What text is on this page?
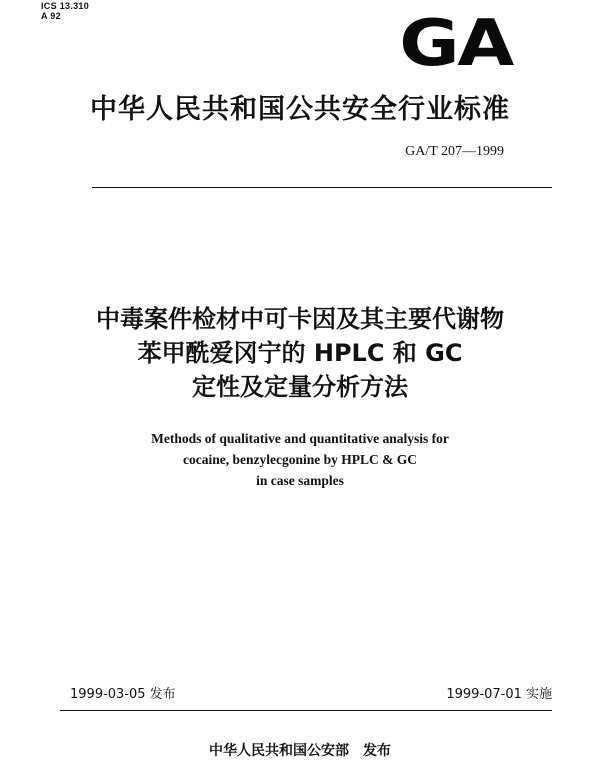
ICS 13.310
A 92	GA
中华人民共和国公共安全行业标准
GA/T 207—1999
中毒案件检材中可卡因及其主要代谢物
苯甲酰爱冈宁的 HPLC 和 GC
定性及定量分析方法
Methods of qualitative and quantitative analysis for
cocaine, benzylecgonine by HPLC & GC
in case samples
1999-03-05 发布	1999-07-01 实施
中华人民共和国公安部 发布
